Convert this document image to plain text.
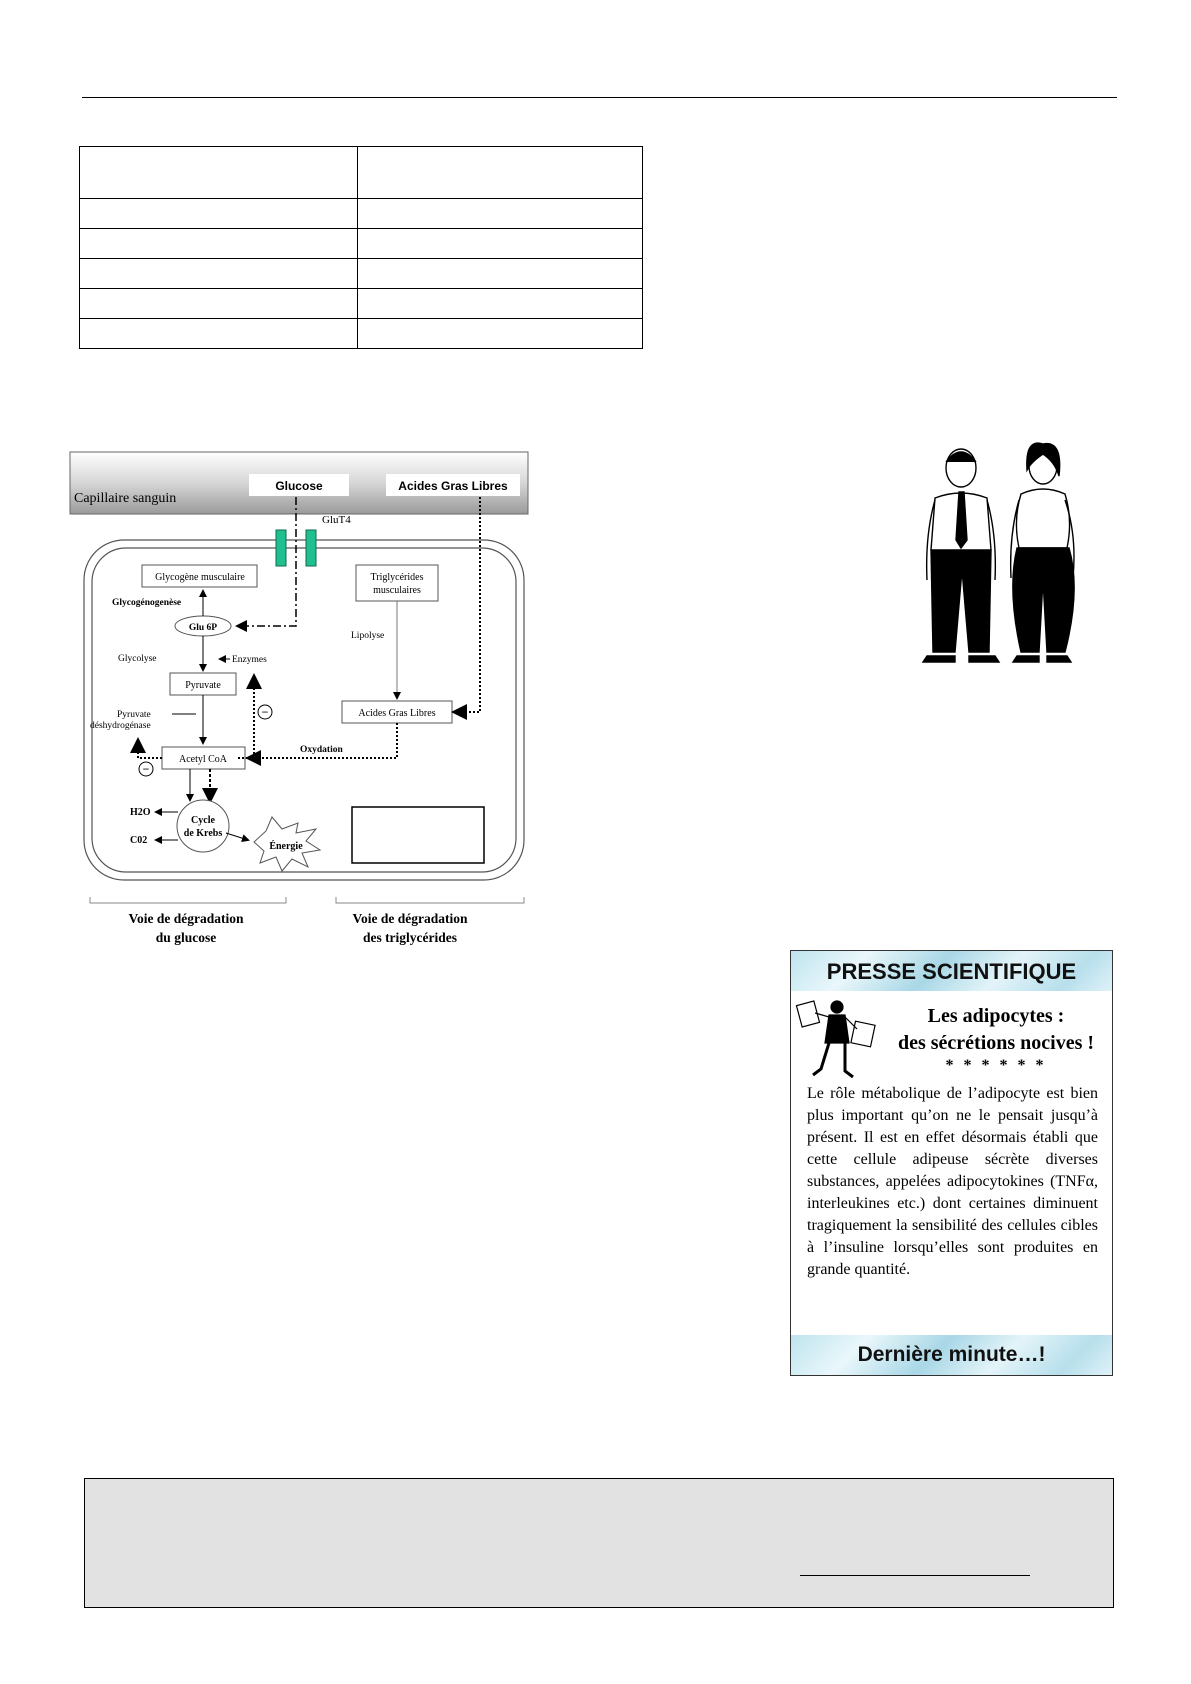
Capillaire sanguin
Glucose	Acides Gras Libres
GluT4
Glycogène musculaire
Glycogénogenèse
Glu 6P
Glycolyse	Enzymes
Pyruvate
Pyruvate
déshydrogénase
Acetyl CoA
−
−
Cycle
de Krebs
H2O
C02
Énergie
Triglycérides
musculaires
Lipolyse
Acides Gras Libres
Oxydation
Voie de dégradation
du glucose
Voie de dégradation
des triglycérides
PRESSE SCIENTIFIQUE
Les adipocytes :
des sécrétions nocives !
* * * * * *
Le rôle métabolique de l’adipocyte est bien plus important qu’on ne le pensait jusqu’à présent. Il est en effet désormais établi que cette cellule adipeuse sécrète diverses substances, appelées adipocytokines (TNFα, interleukines etc.) dont certaines diminuent tragiquement la sensibilité des cellules cibles à l’insuline lorsqu’elles sont produites en grande quantité.
Dernière minute…!
